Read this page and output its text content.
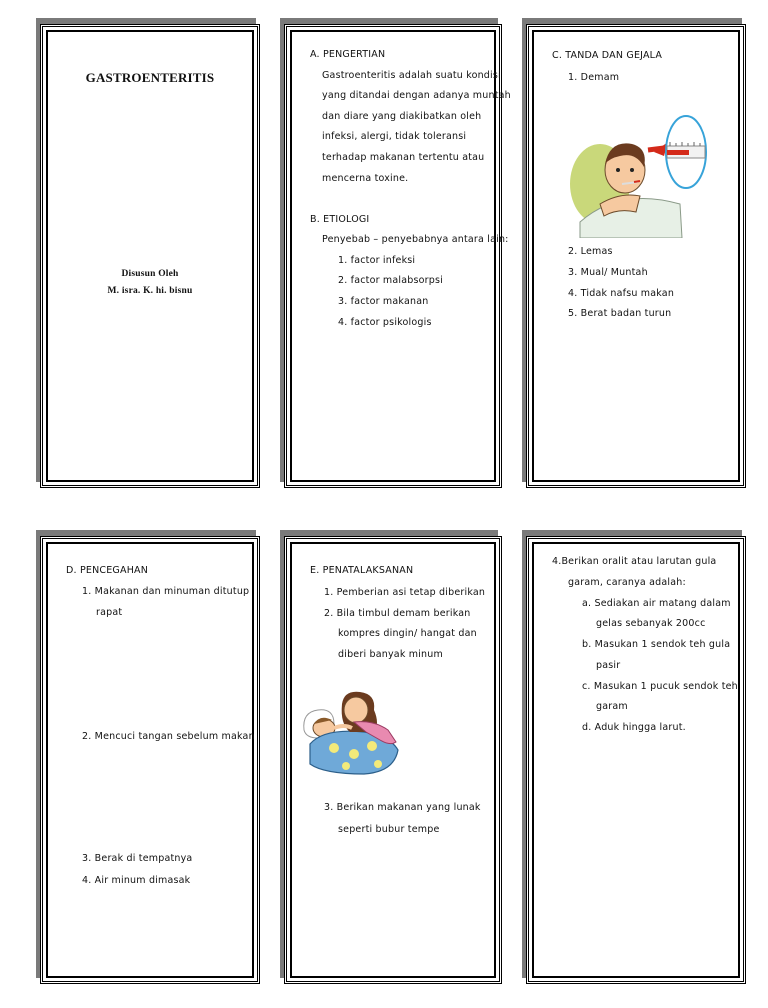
GASTROENTERITIS
Disusun Oleh
M. isra. K. hi. bisnu
A. PENGERTIAN
Gastroenteritis adalah suatu kondisi
yang ditandai dengan adanya muntah
dan diare yang diakibatkan oleh
infeksi, alergi, tidak toleransi
terhadap makanan tertentu atau
mencerna toxine.
B. ETIOLOGI
Penyebab – penyebabnya antara lain:
1. factor infeksi
2. factor malabsorpsi
3. factor makanan
4. factor psikologis
C. TANDA DAN GEJALA
1. Demam
2. Lemas
3. Mual/ Muntah
4. Tidak nafsu makan
5. Berat badan turun
D. PENCEGAHAN
1. Makanan dan minuman ditutup
rapat
2. Mencuci tangan sebelum makan
3. Berak di tempatnya
4. Air minum dimasak
E. PENATALAKSANAN
1. Pemberian asi tetap diberikan
2. Bila timbul demam berikan
kompres dingin/ hangat dan
diberi banyak minum
3. Berikan makanan yang lunak
seperti bubur tempe
4.Berikan oralit atau larutan gula
garam, caranya adalah:
a. Sediakan air matang dalam
gelas sebanyak 200cc
b. Masukan 1 sendok teh gula
pasir
c. Masukan 1 pucuk sendok teh
garam
d. Aduk hingga larut.
